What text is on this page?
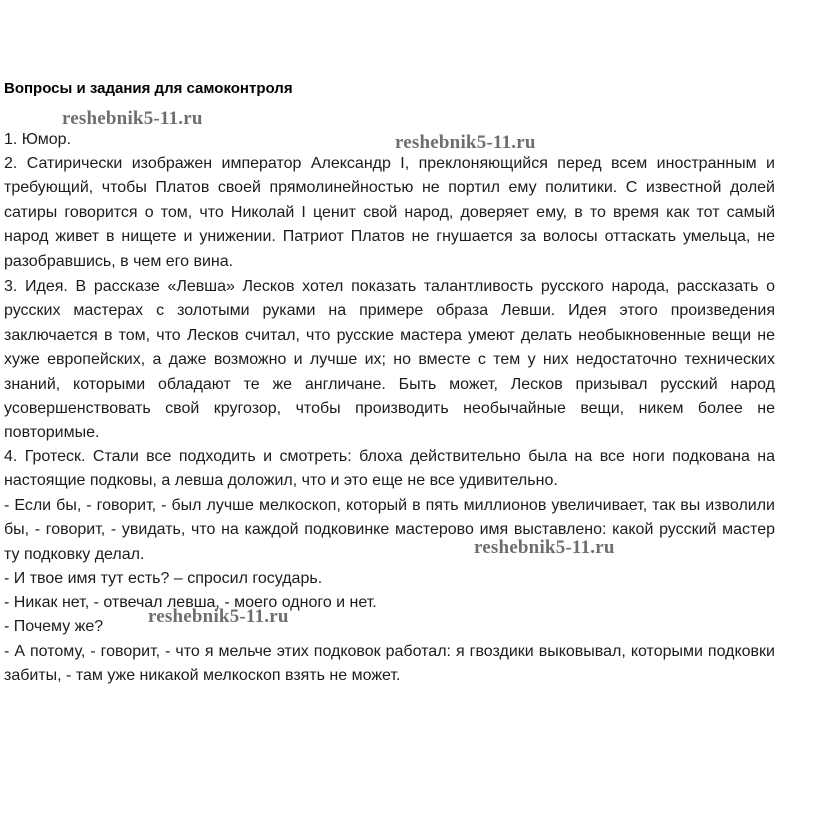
Вопросы и задания для самоконтроля

1. Юмор.

2. Сатирически изображен император Александр I, преклоняющийся перед всем иностранным и требующий, чтобы Платов своей прямолинейностью не портил ему политики. С известной долей сатиры говорится о том, что Николай I ценит свой народ, доверяет ему, в то время как тот самый народ живет в нищете и унижении. Патриот Платов не гнушается за волосы оттаскать умельца, не разобравшись, в чем его вина.

3. Идея. В рассказе «Левша» Лесков хотел показать талантливость русского народа, рассказать о русских мастерах с золотыми руками на примере образа Левши. Идея этого произведения заключается в том, что Лесков считал, что русские мастера умеют делать необыкновенные вещи не хуже европейских, а даже возможно и лучше их; но вместе с тем у них недостаточно технических знаний, которыми обладают те же англичане. Быть может, Лесков призывал русский народ усовершенствовать свой кругозор, чтобы производить необычайные вещи, никем более не повторимые.

4. Гротеск. Стали все подходить и смотреть: блоха действительно была на все ноги подкована на настоящие подковы, а левша доложил, что и это еще не все удивительно.

- Если бы, - говорит, - был лучше мелкоскоп, который в пять миллионов увеличивает, так вы изволили бы, - говорит, - увидать, что на каждой подковинке мастерово имя выставлено: какой русский мастер ту подковку делал.

- И твое имя тут есть? – спросил государь.

- Никак нет, - отвечал левша, - моего одного и нет.

- Почему же?

- А потому, - говорит, - что я мельче этих подковок работал: я гвоздики выковывал, которыми подковки забиты, - там уже никакой мелкоскоп взять не может.

reshebnik5-11.ru
reshebnik5-11.ru
reshebnik5-11.ru
reshebnik5-11.ru
